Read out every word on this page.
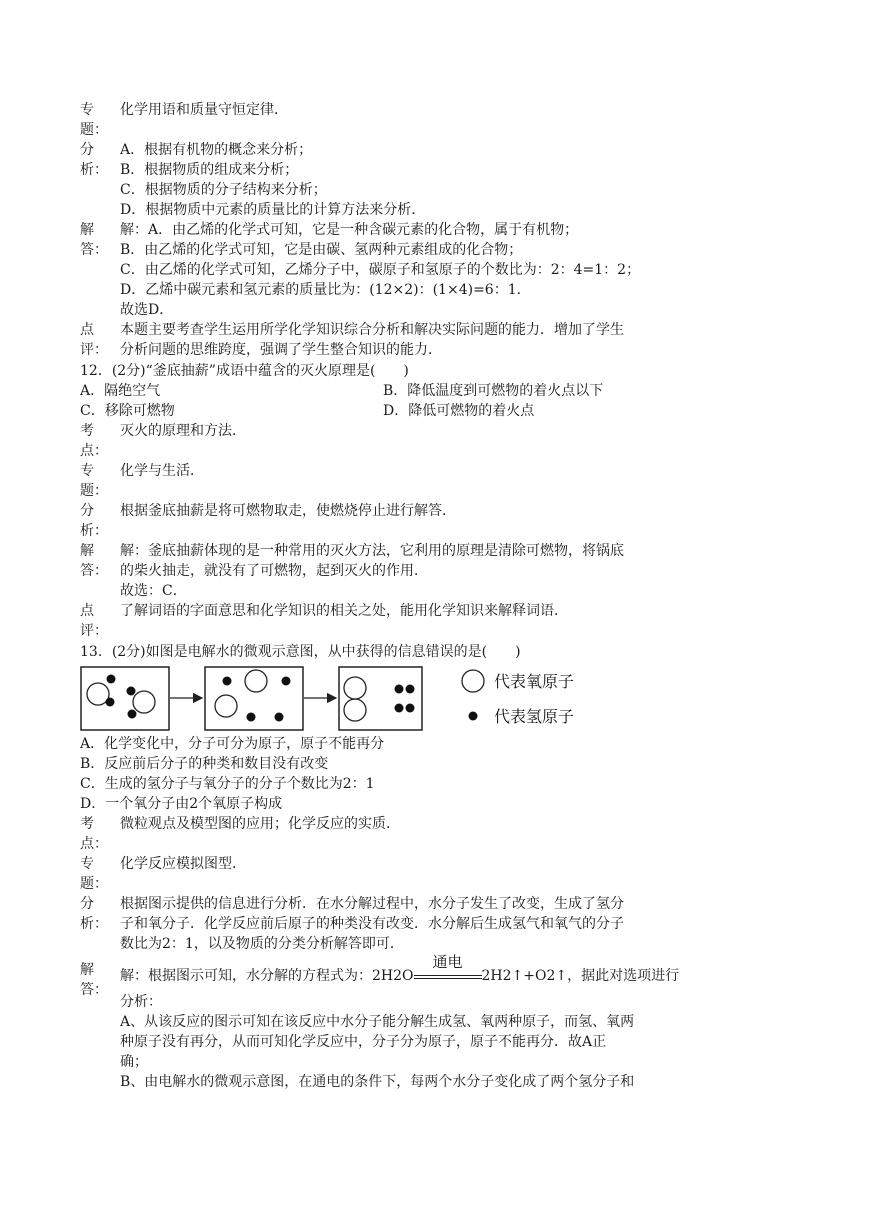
专
题：
化学用语和质量守恒定律．
分
析：
A．根据有机物的概念来分析；
B．根据物质的组成来分析；
C．根据物质的分子结构来分析；
D．根据物质中元素的质量比的计算方法来分析．
解
答：
解：A．由乙烯的化学式可知，它是一种含碳元素的化合物，属于有机物；
B．由乙烯的化学式可知，它是由碳、氢两种元素组成的化合物；
C．由乙烯的化学式可知，乙烯分子中，碳原子和氢原子的个数比为：2：4=1：2；
D．乙烯中碳元素和氢元素的质量比为：(12×2)：(1×4)=6：1．
故选D．
点
评：
本题主要考查学生运用所学化学知识综合分析和解决实际问题的能力．增加了学生
分析问题的思维跨度，强调了学生整合知识的能力．
12．(2分)“釜底抽薪”成语中蕴含的灭火原理是(　　)
A．隔绝空气	B．降低温度到可燃物的着火点以下
C．移除可燃物	D．降低可燃物的着火点
考
点：
灭火的原理和方法．
专
题：
化学与生活．
分
析：
根据釜底抽薪是将可燃物取走，使燃烧停止进行解答．
解
答：
解：釜底抽薪体现的是一种常用的灭火方法，它利用的原理是清除可燃物，将锅底
的柴火抽走，就没有了可燃物，起到灭火的作用．
故选：C．
点
评：
了解词语的字面意思和化学知识的相关之处，能用化学知识来解释词语．
13．(2分)如图是电解水的微观示意图，从中获得的信息错误的是(　　)
代表氧原子
代表氢原子
A．化学变化中，分子可分为原子，原子不能再分
B．反应前后分子的种类和数目没有改变
C．生成的氢分子与氧分子的分子个数比为2：1
D．一个氧分子由2个氧原子构成
考
点：
微粒观点及模型图的应用；化学反应的实质．
专
题：
化学反应模拟图型．
分
析：
根据图示提供的信息进行分析．在水分解过程中，水分子发生了改变，生成了氢分
子和氧分子．化学反应前后原子的种类没有改变．水分解后生成氢气和氧气的分子
数比为2：1，以及物质的分类分析解答即可．
解
答：
解：根据图示可知，水分解的方程式为：2H2O
通电
2H2↑+O2↑，据此对选项进行
分析：
A、从该反应的图示可知在该反应中水分子能分解生成氢、氧两种原子，而氢、氧两
种原子没有再分，从而可知化学反应中，分子分为原子，原子不能再分．故A正
确；
B、由电解水的微观示意图，在通电的条件下，每两个水分子变化成了两个氢分子和
